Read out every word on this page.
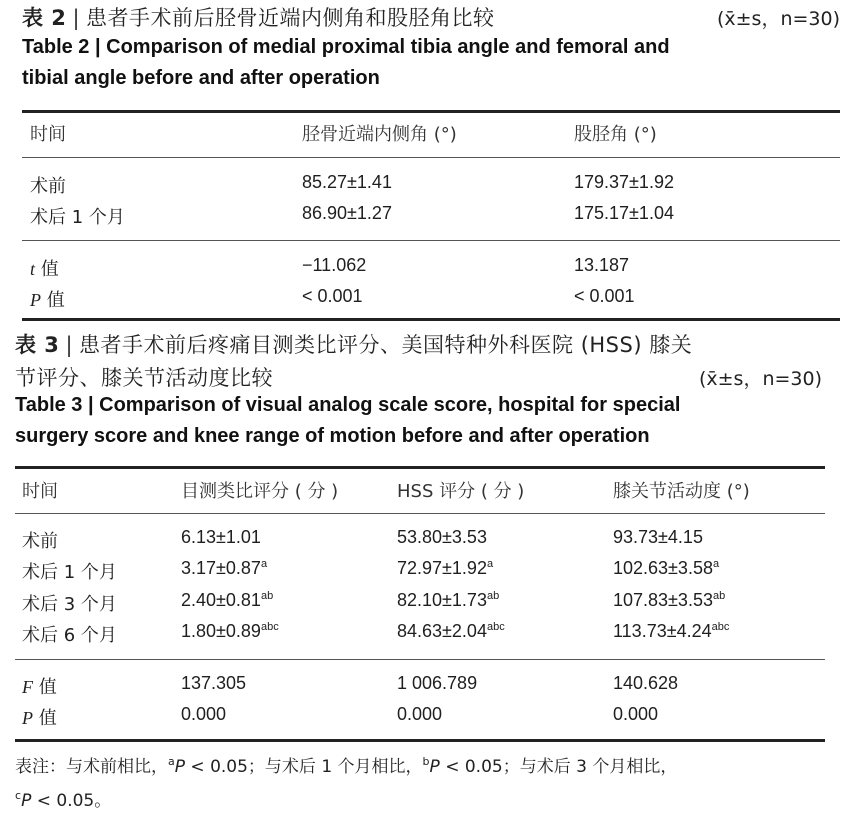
表 2 | 患者手术前后胫骨近端内侧角和股胫角比较	(x̄±s，n=30)
Table 2 | Comparison of medial proximal tibia angle and femoral and
tibial angle before and after operation
时间	胫骨近端内侧角 (°)	股胫角 (°)
术前	85.27±1.41	179.37±1.92
术后 1 个月	86.90±1.27	175.17±1.04
t 值	−11.062	13.187
P 值	< 0.001	< 0.001
表 3 | 患者手术前后疼痛目测类比评分、美国特种外科医院 (HSS) 膝关
节评分、膝关节活动度比较	(x̄±s，n=30)
Table 3 | Comparison of visual analog scale score, hospital for special
surgery score and knee range of motion before and after operation
时间	目测类比评分 ( 分 )	HSS 评分 ( 分 )	膝关节活动度 (°)
术前	6.13±1.01	53.80±3.53	93.73±4.15
术后 1 个月	3.17±0.87$^a$	72.97±1.92$^a$	102.63±3.58$^a$
术后 3 个月	2.40±0.81$^{ab}$	82.10±1.73$^{ab}$	107.83±3.53$^{ab}$
术后 6 个月	1.80±0.89$^{abc}$	84.63±2.04$^{abc}$	113.73±4.24$^{abc}$
F 值	137.305	1 006.789	140.628
P 值	0.000	0.000	0.000
表注：与术前相比，$^a$P < 0.05；与术后 1 个月相比，$^b$P < 0.05；与术后 3 个月相比，
$^c$P < 0.05。
